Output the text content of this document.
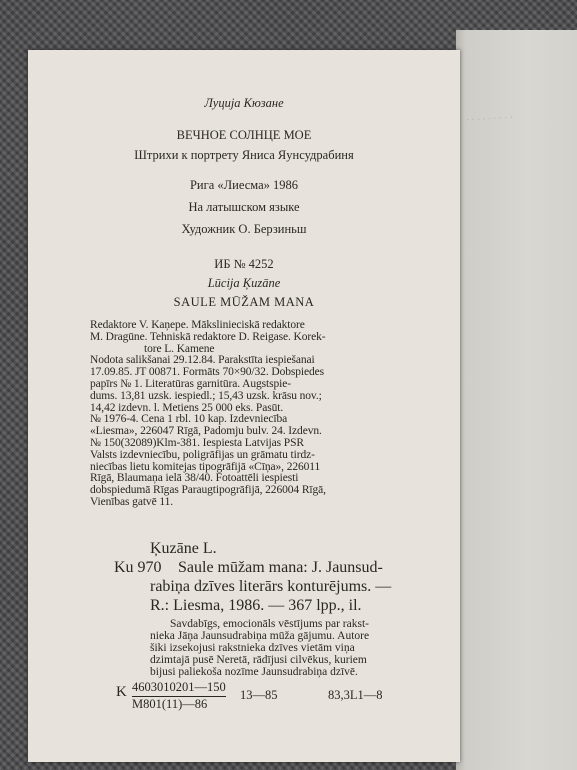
. . . . . . . . .
Луција Кюзане
ВЕЧНОЕ СОЛНЦЕ МОЕ
Штрихи к портрету Яниса Яунсудрабиня
Рига «Лиесма» 1986
На латышском языке
Художник О. Берзиньш
ИБ № 4252
Lūcija Ķuzāne
SAULE MŪŽAM MANA
Redaktore V. Kaņepe. Mākslinieciskā redaktore
M. Dragūne. Tehniskā redaktore D. Reigase. Korek-
tore L. Kamene
Nodota salikšanai 29.12.84. Parakstīta iespiešanai
17.09.85. JT 00871. Formāts 70×90/32. Dobspiedes
papīrs № 1. Literatūras garnitūra. Augstspie-
dums. 13,81 uzsk. iespiedl.; 15,43 uzsk. krāsu nov.;
14,42 izdevn. l. Metiens 25 000 eks. Pasūt.
№ 1976-4. Cena 1 rbl. 10 kap. Izdevniecība
«Liesma», 226047 Rīgā, Padomju bulv. 24. Izdevn.
№ 150(32089)Klm-381. Iespiesta Latvijas PSR
Valsts izdevniecību, poligrāfijas un grāmatu tirdz-
niecības lietu komitejas tipogrāfijā «Cīņa», 226011
Rīgā, Blaumaņa ielā 38/40. Fotoattēli iespiesti
dobspiedumā Rīgas Paraugtipogrāfijā, 226004 Rīgā,
Vienības gatvē 11.
Ķuzāne L.
Ku 970 Saule mūžam mana: J. Jaunsud-
rabiņa dzīves literārs konturējums. —
R.: Liesma, 1986. — 367 lpp., il.
Savdabīgs, emocionāls vēstījums par rakst-
nieka Jāņa Jaunsudrabiņa mūža gājumu. Autore
šiki izsekojusi rakstnieka dzīves vietām viņa
dzimtajā pusē Neretā, rādījusi cilvēkus, kuriem
bijusi paliekoša nozīme Jaunsudrabiņa dzīvē.
K 4603010201—150
M801(11)—86
13—85	83,3L1—8
